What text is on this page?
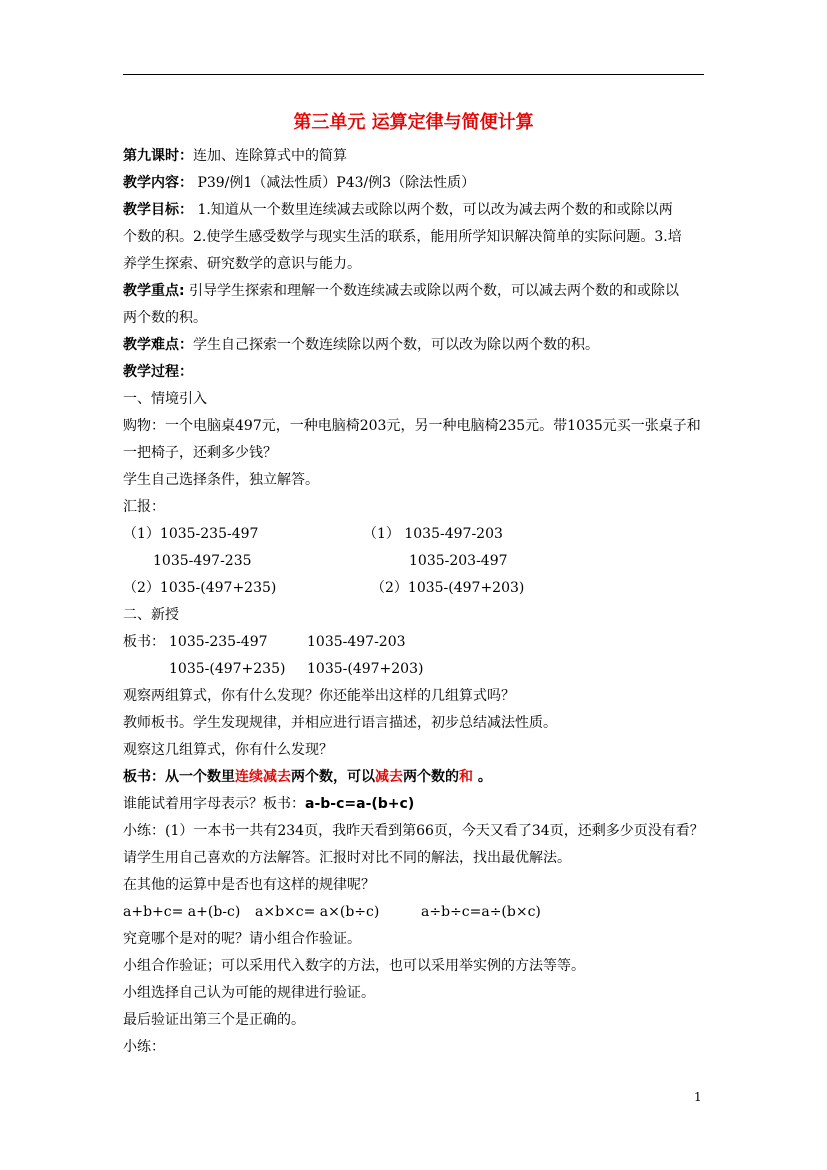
第三单元 运算定律与简便计算
第九课时：连加、连除算式中的简算
教学内容： P39/例1（减法性质）P43/例3（除法性质）
教学目标： 1.知道从一个数里连续减去或除以两个数，可以改为减去两个数的和或除以两
个数的积。2.使学生感受数学与现实生活的联系，能用所学知识解决简单的实际问题。3.培
养学生探索、研究数学的意识与能力。
教学重点: 引导学生探索和理解一个数连续减去或除以两个数，可以减去两个数的和或除以
两个数的积。
教学难点：学生自己探索一个数连续除以两个数，可以改为除以两个数的积。
教学过程：
一、情境引入
购物：一个电脑桌497元，一种电脑椅203元，另一种电脑椅235元。带1035元买一张桌子和
一把椅子，还剩多少钱？
学生自己选择条件，独立解答。
汇报：
（1）1035-235-497	（1） 1035-497-203
1035-497-235	1035-203-497
（2）1035-(497+235)	（2）1035-(497+203)
二、新授
板书： 1035-235-497	1035-497-203
1035-(497+235) 1035-(497+203)
观察两组算式，你有什么发现？你还能举出这样的几组算式吗？
教师板书。学生发现规律，并相应进行语言描述，初步总结减法性质。
观察这几组算式，你有什么发现？
板书：从一个数里连续减去两个数，可以减去两个数的和 。
谁能试着用字母表示？板书：a-b-c=a-(b+c)
小练：(1）一本书一共有234页，我昨天看到第66页，今天又看了34页，还剩多少页没有看？
请学生用自己喜欢的方法解答。汇报时对比不同的解法，找出最优解法。
在其他的运算中是否也有这样的规律呢？
a+b+c= a+(b-c) a×b×c= a×(b÷c)	a÷b÷c=a÷(b×c)
究竟哪个是对的呢？请小组合作验证。
小组合作验证；可以采用代入数字的方法，也可以采用举实例的方法等等。
小组选择自己认为可能的规律进行验证。
最后验证出第三个是正确的。
小练：
1
